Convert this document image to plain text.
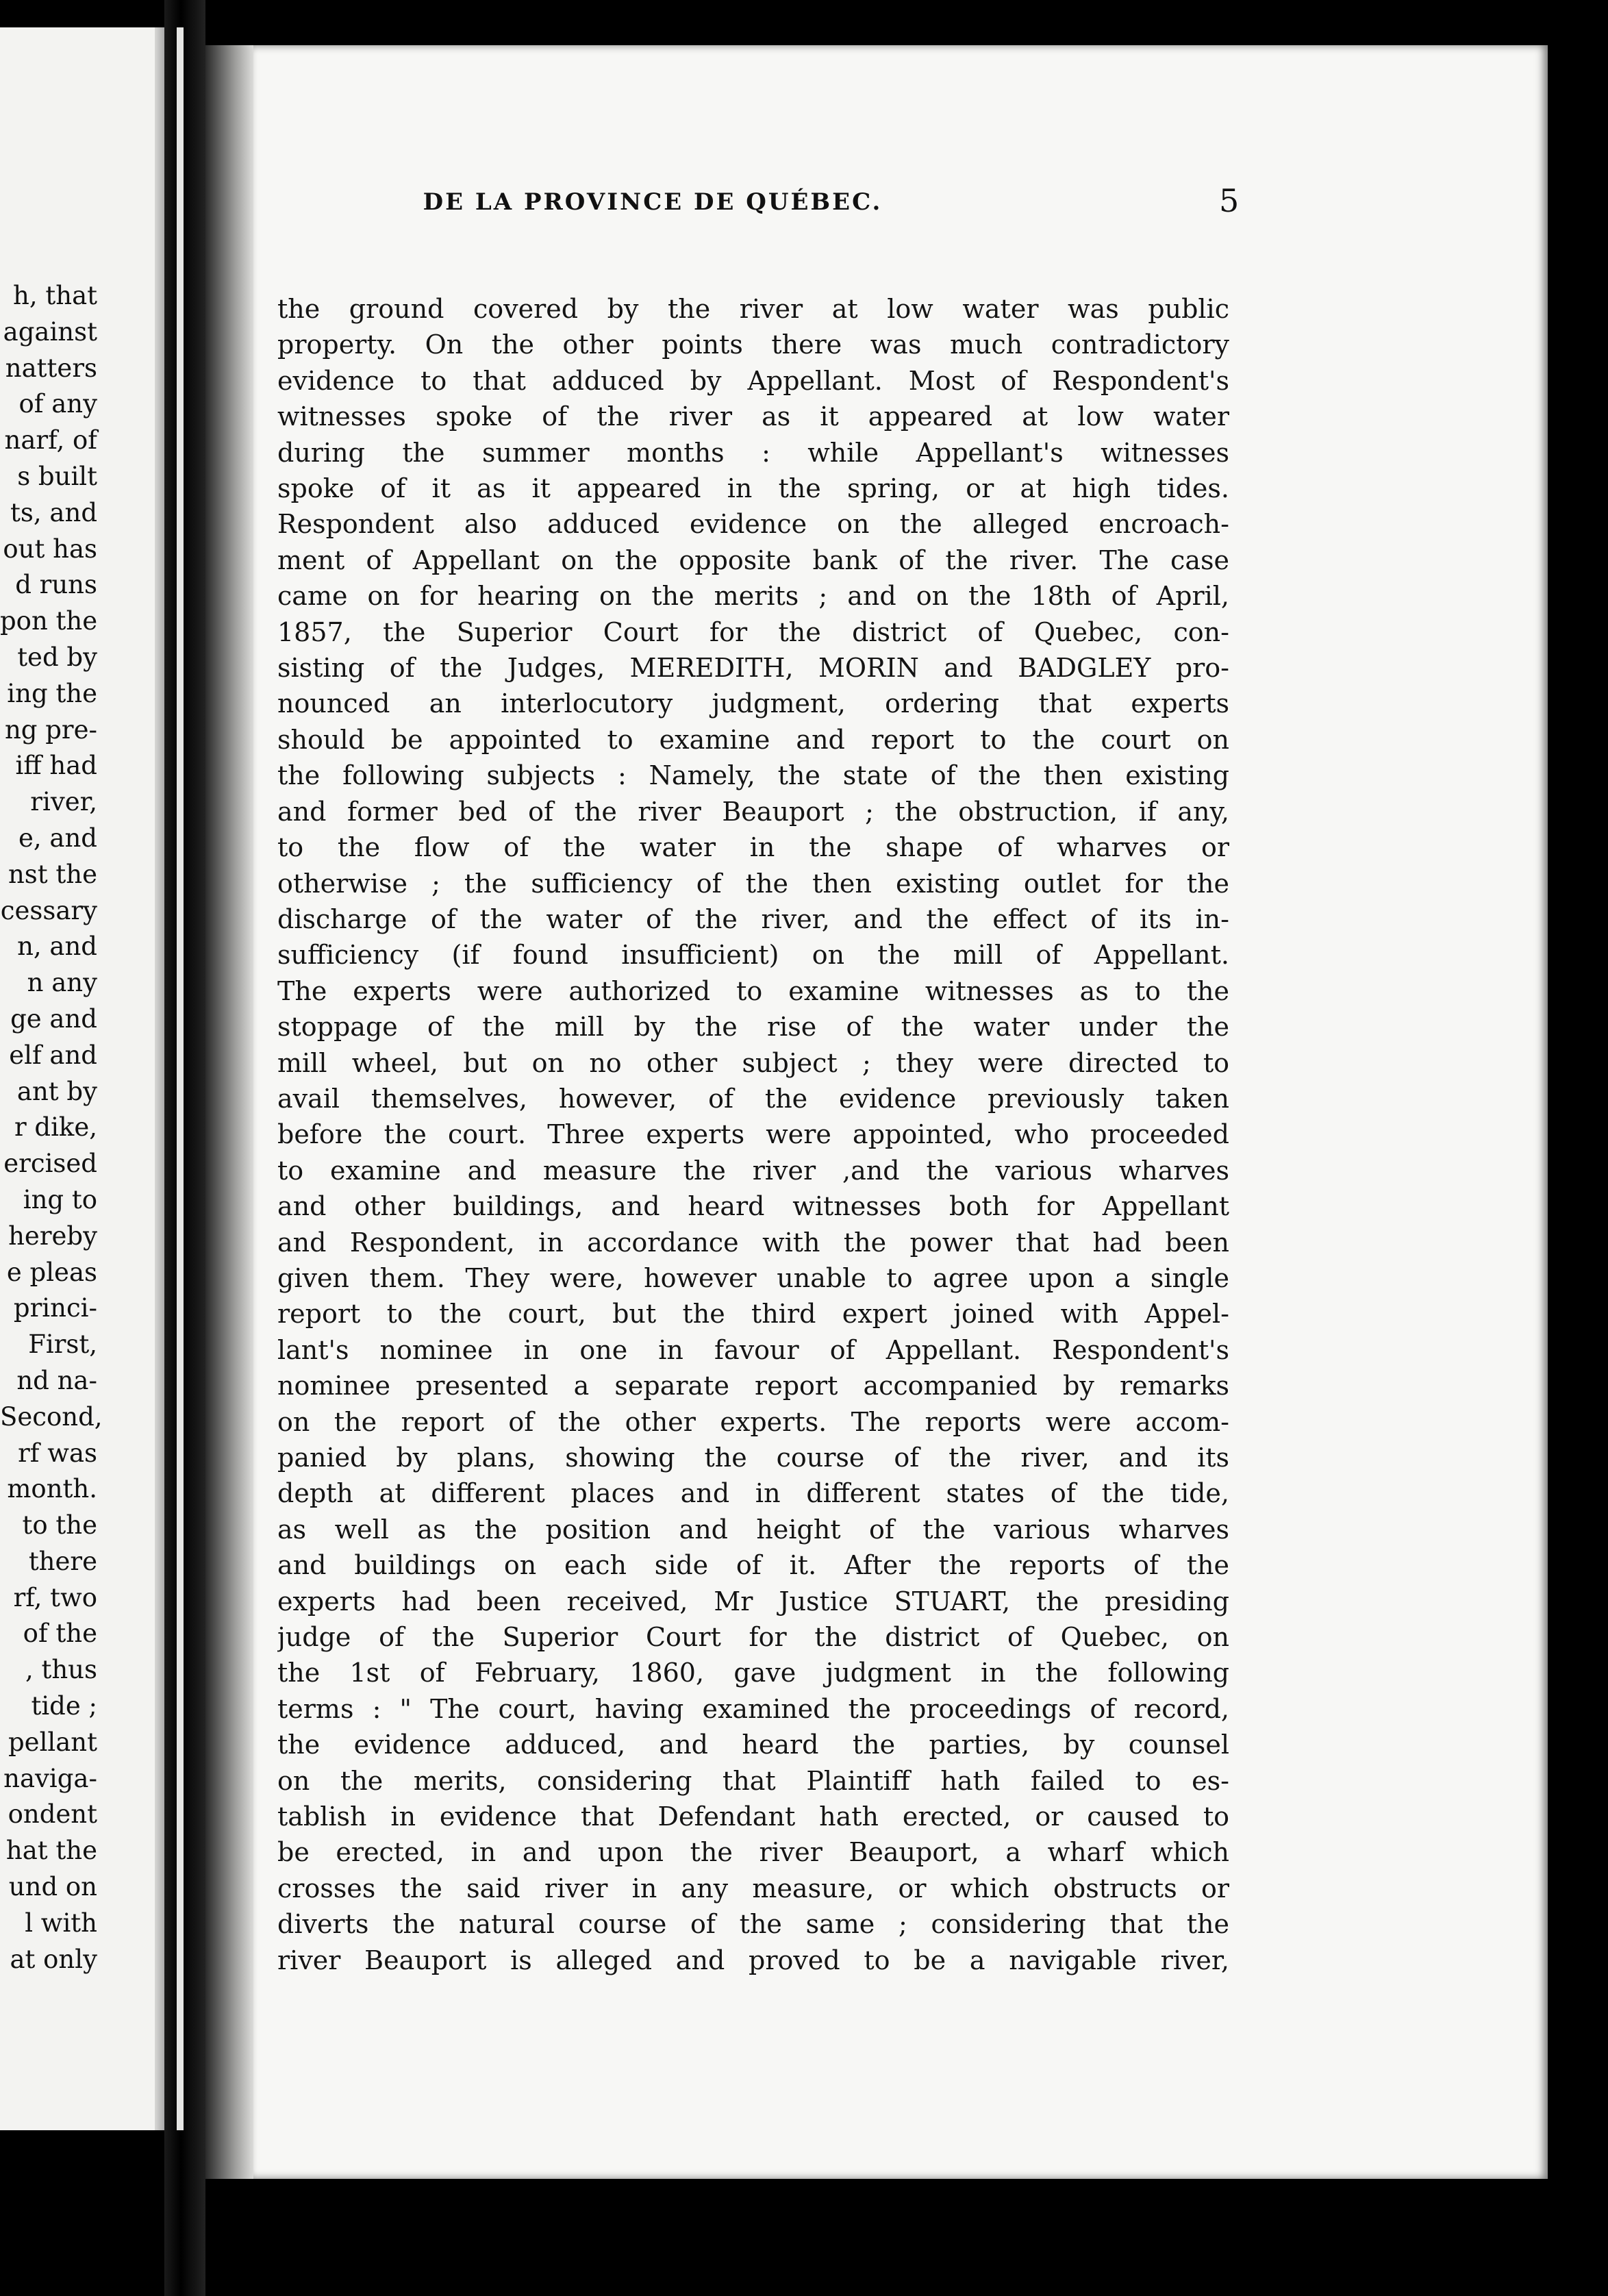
h, that
against
natters
of any
narf, of
s built
ts, and
out has
d runs
pon the
ted by
ing the
ng pre-
iff had
river,
e, and
nst the
cessary
n, and
n any
ge and
elf and
ant by
r dike,
ercised
ing to
hereby
e pleas
princi-
First,
nd na-
Second,
rf was
month.
to the
there
rf, two
of the
, thus
tide ;
pellant
naviga-
ondent
hat the
und on
l with
at only
DE LA PROVINCE DE QUÉBEC.	5
the ground covered by the river at low water was public
property. On the other points there was much contradictory
evidence to that adduced by Appellant. Most of Respondent's
witnesses spoke of the river as it appeared at low water
during the summer months : while Appellant's witnesses
spoke of it as it appeared in the spring, or at high tides.
Respondent also adduced evidence on the alleged encroach-
ment of Appellant on the opposite bank of the river. The case
came on for hearing on the merits ; and on the 18th of April,
1857, the Superior Court for the district of Quebec, con-
sisting of the Judges, MEREDITH, MORIN and BADGLEY pro-
nounced an interlocutory judgment, ordering that experts
should be appointed to examine and report to the court on
the following subjects : Namely, the state of the then existing
and former bed of the river Beauport ; the obstruction, if any,
to the flow of the water in the shape of wharves or
otherwise ; the sufficiency of the then existing outlet for the
discharge of the water of the river, and the effect of its in-
sufficiency (if found insufficient) on the mill of Appellant.
The experts were authorized to examine witnesses as to the
stoppage of the mill by the rise of the water under the
mill wheel, but on no other subject ; they were directed to
avail themselves, however, of the evidence previously taken
before the court. Three experts were appointed, who proceeded
to examine and measure the river ,and the various wharves
and other buildings, and heard witnesses both for Appellant
and Respondent, in accordance with the power that had been
given them. They were, however unable to agree upon a single
report to the court, but the third expert joined with Appel-
lant's nominee in one in favour of Appellant. Respondent's
nominee presented a separate report accompanied by remarks
on the report of the other experts. The reports were accom-
panied by plans, showing the course of the river, and its
depth at different places and in different states of the tide,
as well as the position and height of the various wharves
and buildings on each side of it. After the reports of the
experts had been received, Mr Justice STUART, the presiding
judge of the Superior Court for the district of Quebec, on
the 1st of February, 1860, gave judgment in the following
terms : " The court, having examined the proceedings of record,
the evidence adduced, and heard the parties, by counsel
on the merits, considering that Plaintiff hath failed to es-
tablish in evidence that Defendant hath erected, or caused to
be erected, in and upon the river Beauport, a wharf which
crosses the said river in any measure, or which obstructs or
diverts the natural course of the same ; considering that the
river Beauport is alleged and proved to be a navigable river,
